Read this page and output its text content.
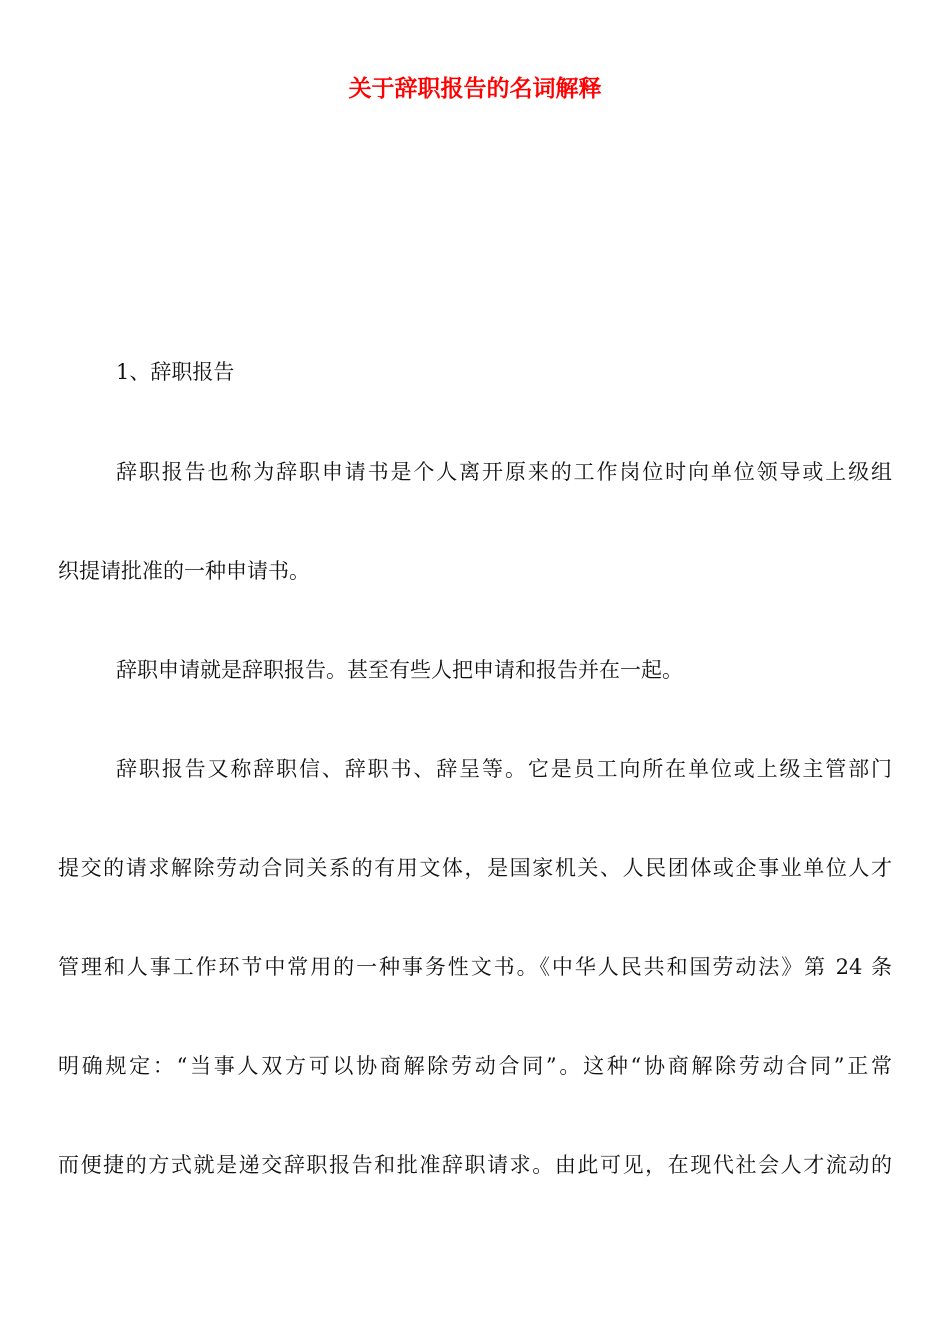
关于辞职报告的名词解释
1、辞职报告
辞职报告也称为辞职申请书是个人离开原来的工作岗位时向单位领导或上级组
织提请批准的一种申请书。
辞职申请就是辞职报告。甚至有些人把申请和报告并在一起。
辞职报告又称辞职信、辞职书、辞呈等。它是员工向所在单位或上级主管部门
提交的请求解除劳动合同关系的有用文体，是国家机关、人民团体或企事业单位人才
管理和人事工作环节中常用的一种事务性文书。《中华人民共和国劳动法》第 24 条
明确规定：“当事人双方可以协商解除劳动合同”。这种“协商解除劳动合同”正常
而便捷的方式就是递交辞职报告和批准辞职请求。由此可见，在现代社会人才流动的
